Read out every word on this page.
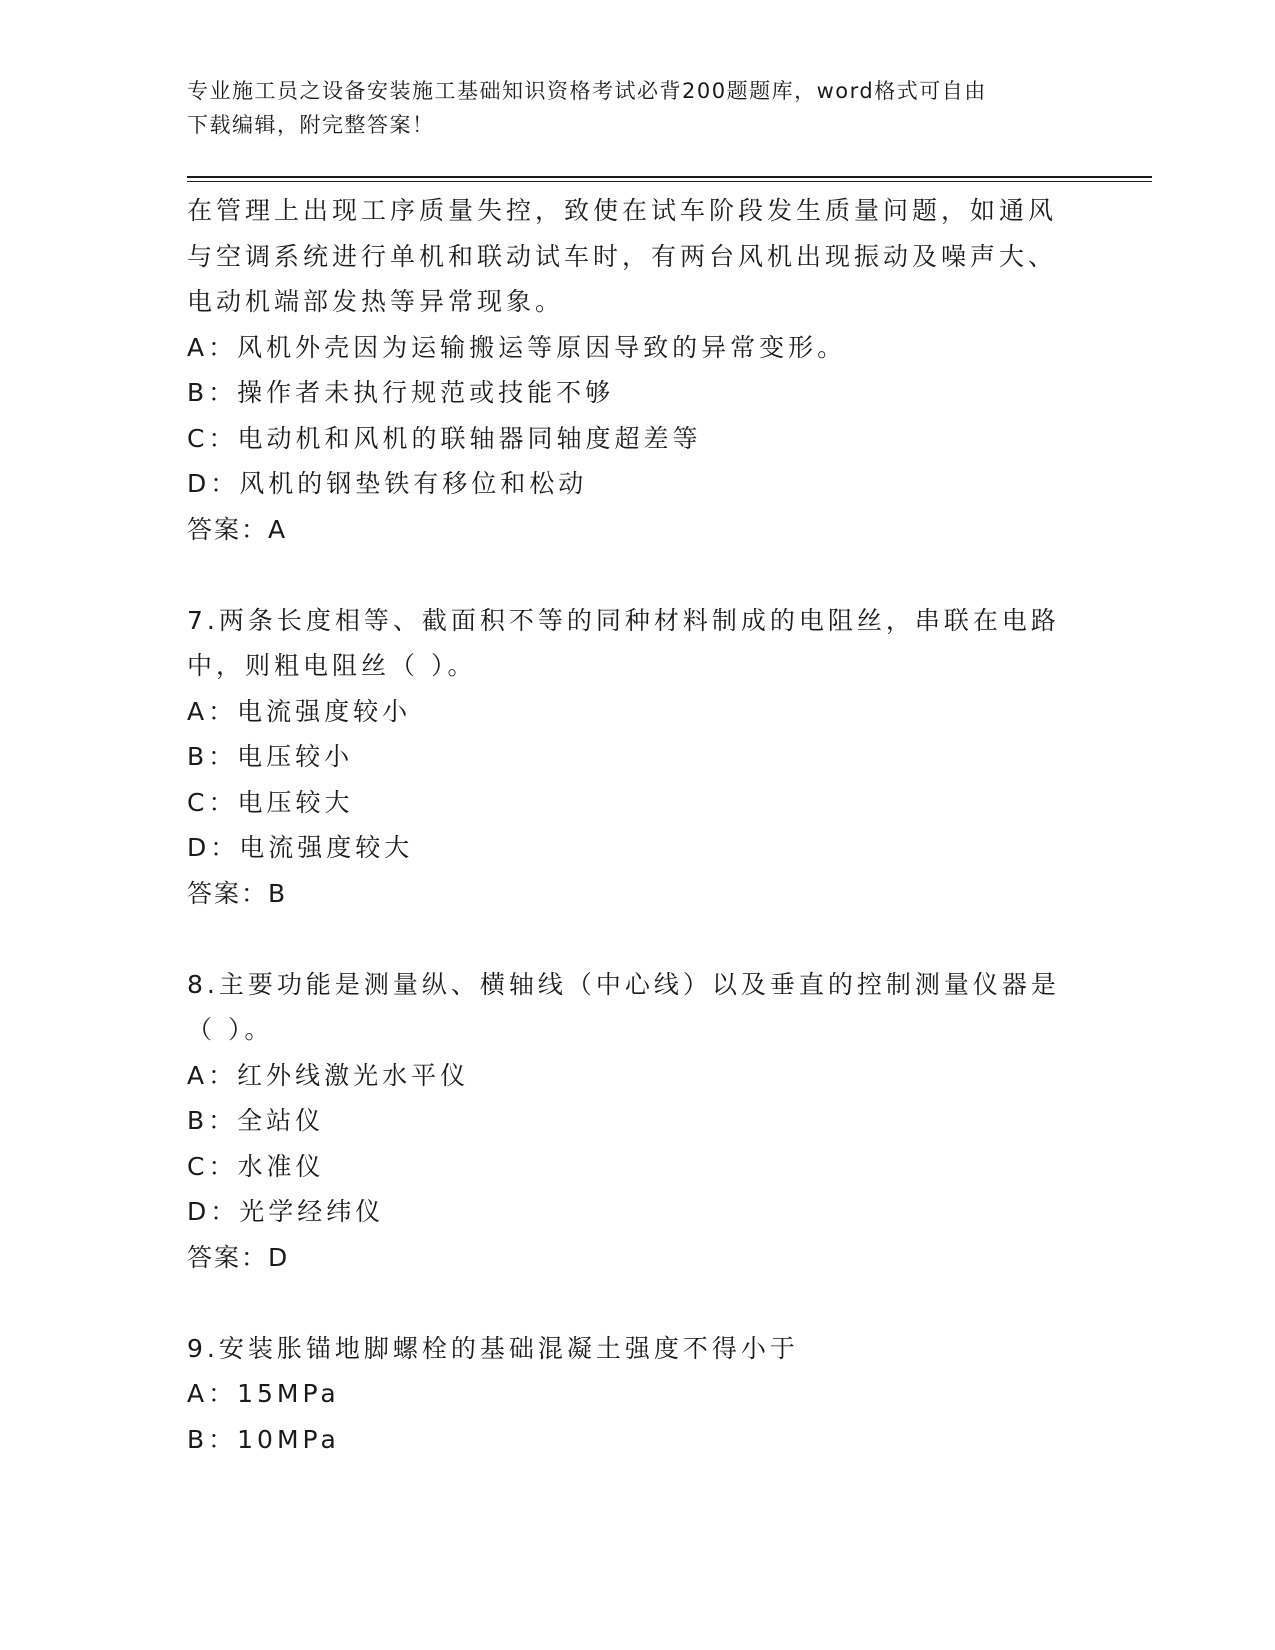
专业施工员之设备安装施工基础知识资格考试必背200题题库，word格式可自由
下载编辑，附完整答案！
在管理上出现工序质量失控，致使在试车阶段发生质量问题，如通风
与空调系统进行单机和联动试车时，有两台风机出现振动及噪声大、
电动机端部发热等异常现象。
A：风机外壳因为运输搬运等原因导致的异常变形。
B：操作者未执行规范或技能不够
C：电动机和风机的联轴器同轴度超差等
D：风机的钢垫铁有移位和松动
答案：A
7.两条长度相等、截面积不等的同种材料制成的电阻丝，串联在电路
中，则粗电阻丝（ ）。
A：电流强度较小
B：电压较小
C：电压较大
D：电流强度较大
答案：B
8.主要功能是测量纵、横轴线（中心线）以及垂直的控制测量仪器是
（ ）。
A：红外线激光水平仪
B：全站仪
C：水准仪
D：光学经纬仪
答案：D
9.安装胀锚地脚螺栓的基础混凝土强度不得小于
A：15MPa
B：10MPa
